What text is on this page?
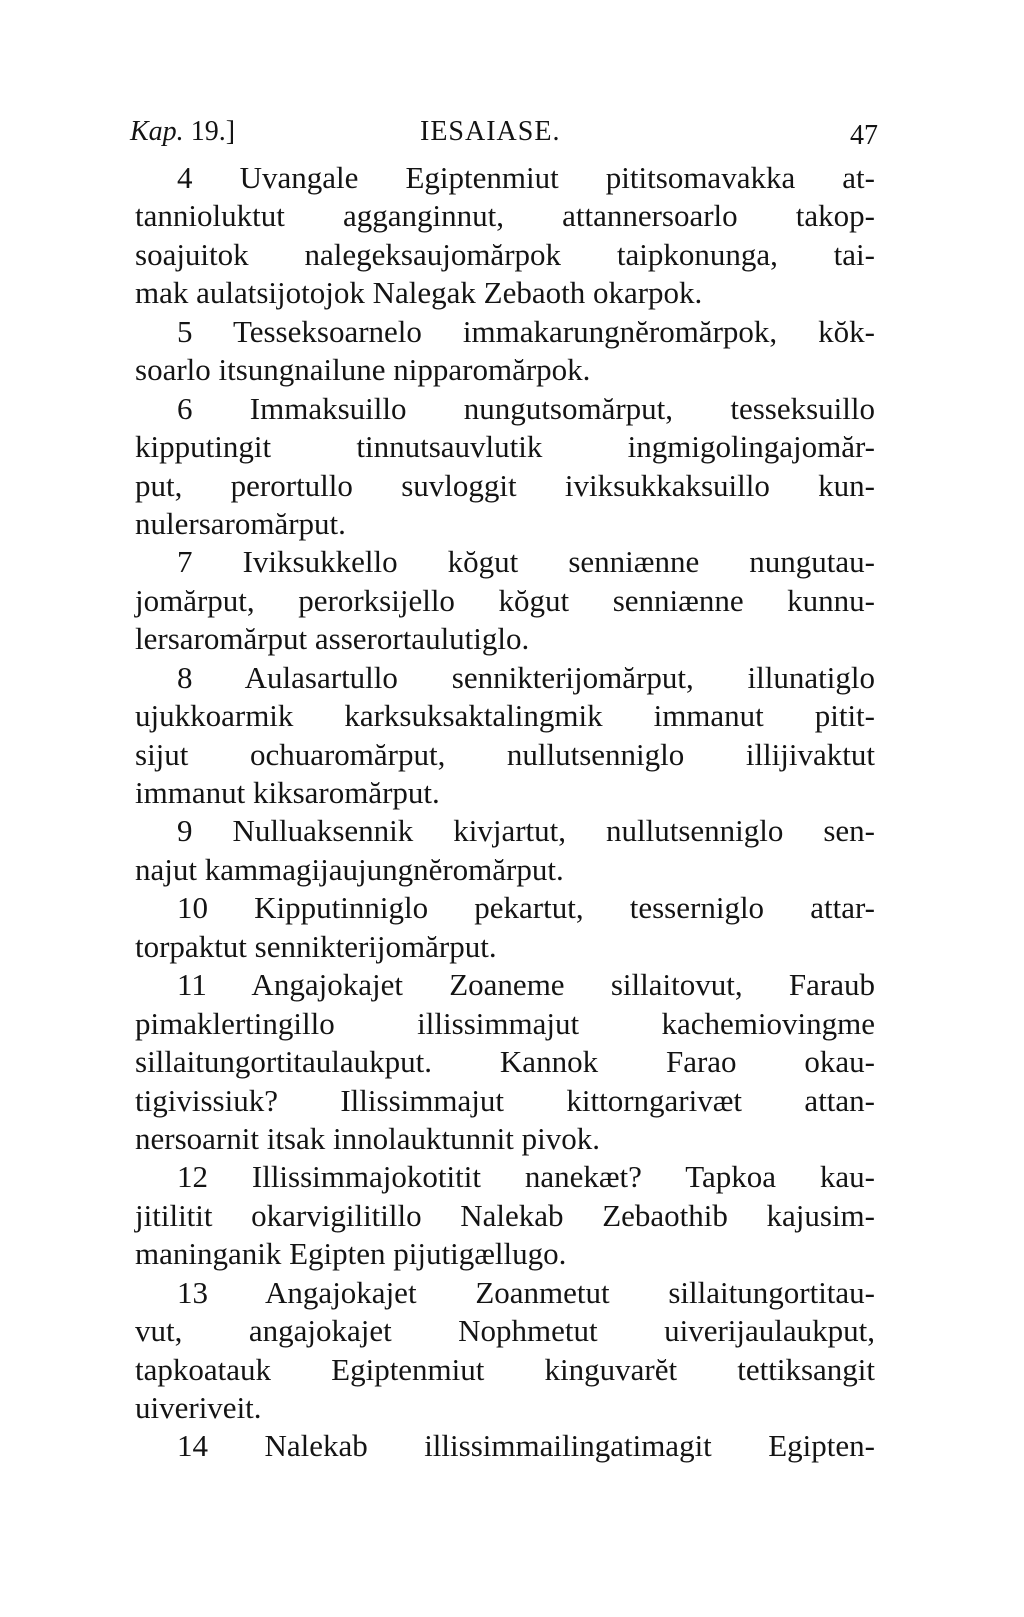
Kap. 19.]	IESAIASE.	47
4 Uvangale Egiptenmiut pititsomavakka at-
tannioluktut agganginnut, attannersoarlo takop-
soajuitok nalegeksaujomărpok taipkonunga, tai-
mak aulatsijotojok Nalegak Zebaoth okarpok.
5 Tesseksoarnelo immakarungnĕromărpok, kŏk-
soarlo itsungnailune nipparomărpok.
6 Immaksuillo nungutsomărput, tesseksuillo
kipputingit tinnutsauvlutik ingmigolingajomăr-
put, perortullo suvloggit iviksukkaksuillo kun-
nulersaromărput.
7 Iviksukkello kŏgut senniænne nungutau-
jomărput, perorksijello kŏgut senniænne kunnu-
lersaromărput asserortaulutiglo.
8 Aulasartullo sennikterijomărput, illunatiglo
ujukkoarmik karksuksaktalingmik immanut pitit-
sijut ochuaromărput, nullutsenniglo illijivaktut
immanut kiksaromărput.
9 Nulluaksennik kivjartut, nullutsenniglo sen-
najut kammagijaujungnĕromărput.
10 Kipputinniglo pekartut, tesserniglo attar-
torpaktut sennikterijomărput.
11 Angajokajet Zoaneme sillaitovut, Faraub
pimaklertingillo illissimmajut kachemiovingme
sillaitungortitaulaukput. Kannok Farao okau-
tigivissiuk? Illissimmajut kittorngarivæt attan-
nersoarnit itsak innolauktunnit pivok.
12 Illissimmajokotitit nanekæt? Tapkoa kau-
jitilitit okarvigilitillo Nalekab Zebaothib kajusim-
maninganik Egipten pijutigællugo.
13 Angajokajet Zoanmetut sillaitungortitau-
vut, angajokajet Nophmetut uiverijaulaukput,
tapkoatauk Egiptenmiut kinguvarĕt tettiksangit
uiveriveit.
14 Nalekab illissimmailingatimagit Egipten-
